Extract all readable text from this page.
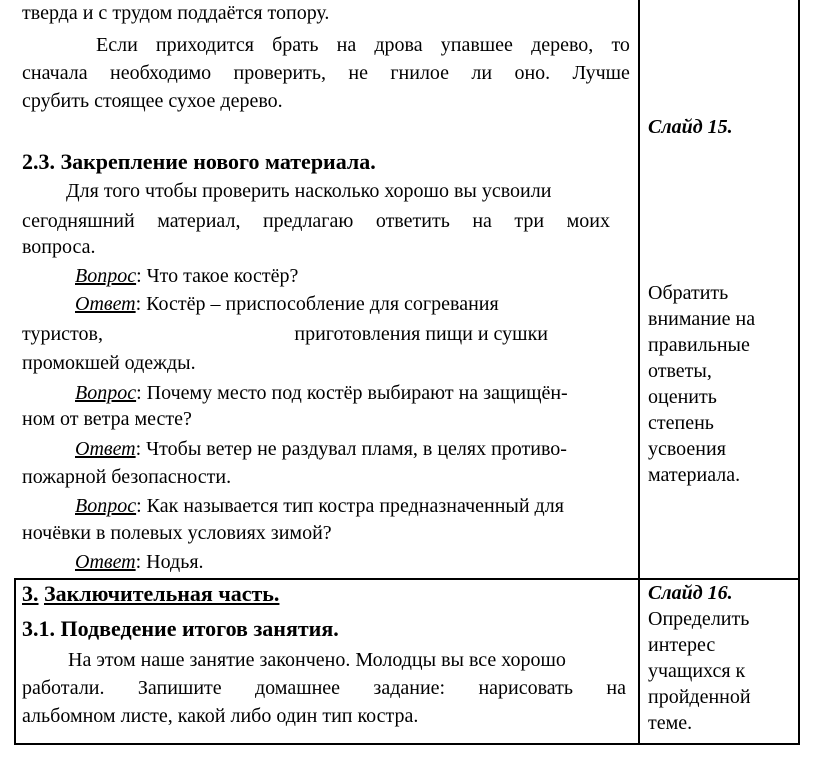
тверда и с трудом поддаётся топору.
Если приходится брать на дрова упавшее дерево, то
сначала необходимо проверить, не гнилое ли оно. Лучше
срубить стоящее сухое дерево.
2.3. Закрепление нового материала.
Для того чтобы проверить насколько хорошо вы усвоили
сегодняшний материал, предлагаю ответить на три моих
вопроса.
Вопрос: Что такое костёр?
Ответ: Костёр – приспособление для согревания
туристов,	приготовления пищи и сушки
промокшей одежды.
Вопрос: Почему место под костёр выбирают на защищён-
ном от ветра месте?
Ответ: Чтобы ветер не раздувал пламя, в целях противо-
пожарной безопасности.
Вопрос: Как называется тип костра предназначенный для
ночёвки в полевых условиях зимой?
Ответ: Нодья.
Слайд 15.
Обратить
внимание на
правильные
ответы,
оценить
степень
усвоения
материала.
3. Заключительная часть.
3.1. Подведение итогов занятия.
На этом наше занятие закончено. Молодцы вы все хорошо
работали. Запишите домашнее задание: нарисовать на
альбомном листе, какой либо один тип костра.
Слайд 16.
Определить
интерес
учащихся к
пройденной
теме.
